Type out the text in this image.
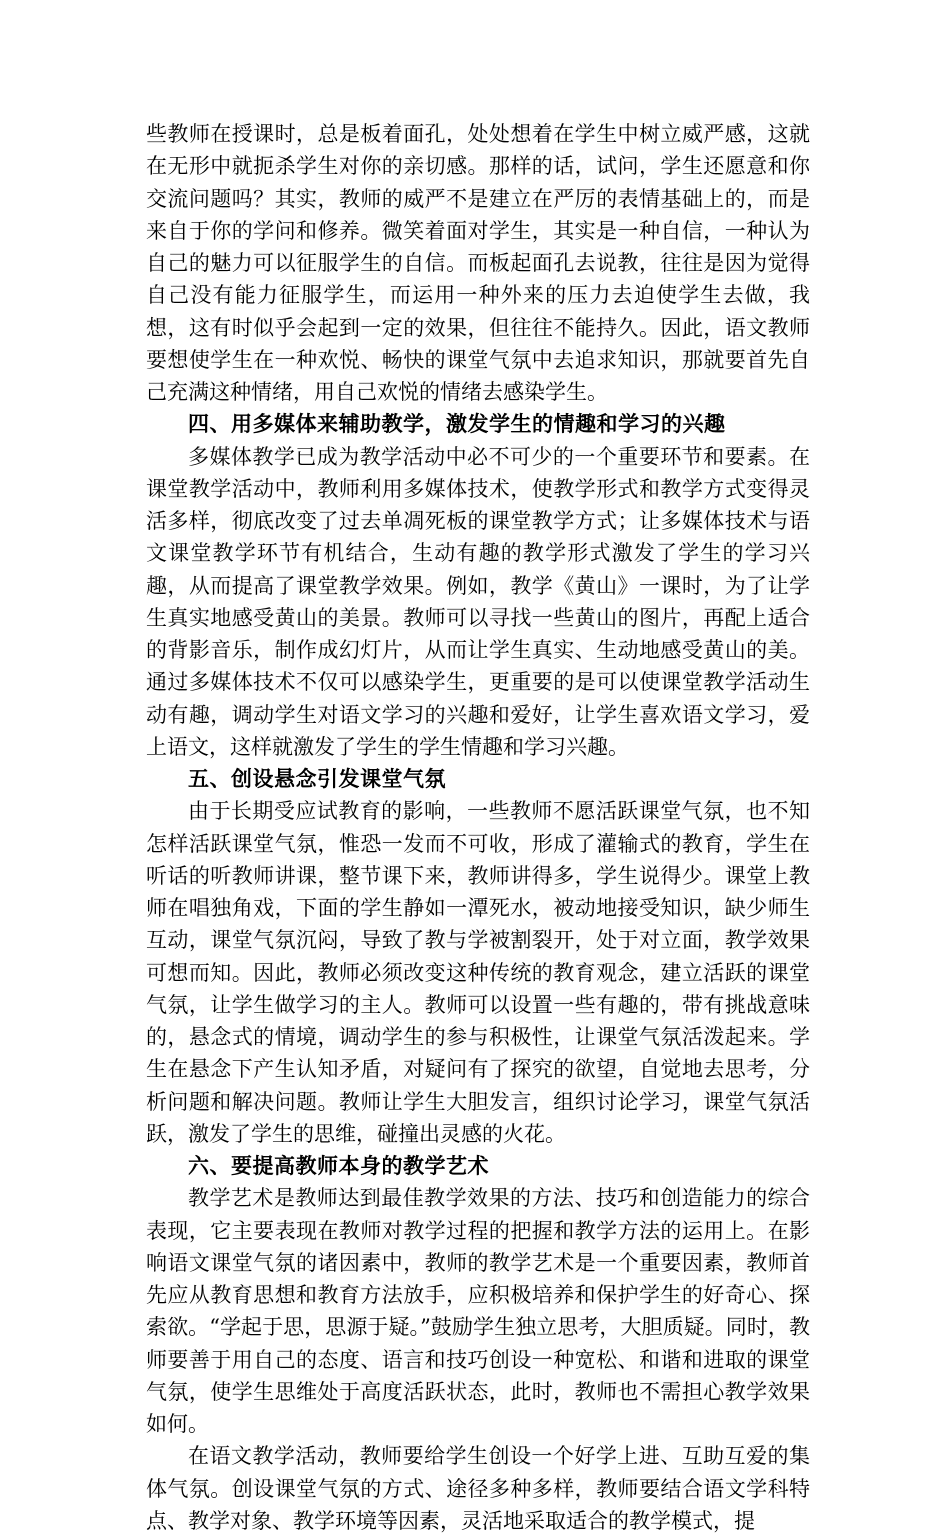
些教师在授课时，总是板着面孔，处处想着在学生中树立威严感，这就在无形中就扼杀学生对你的亲切感。那样的话，试问，学生还愿意和你交流问题吗？其实，教师的威严不是建立在严厉的表情基础上的，而是来自于你的学问和修养。微笑着面对学生，其实是一种自信，一种认为自己的魅力可以征服学生的自信。而板起面孔去说教，往往是因为觉得自己没有能力征服学生，而运用一种外来的压力去迫使学生去做，我想，这有时似乎会起到一定的效果，但往往不能持久。因此，语文教师要想使学生在一种欢悦、畅快的课堂气氛中去追求知识，那就要首先自己充满这种情绪，用自己欢悦的情绪去感染学生。

四、用多媒体来辅助教学，激发学生的情趣和学习的兴趣

多媒体教学已成为教学活动中必不可少的一个重要环节和要素。在课堂教学活动中，教师利用多媒体技术，使教学形式和教学方式变得灵活多样，彻底改变了过去单凋死板的课堂教学方式；让多媒体技术与语文课堂教学环节有机结合，生动有趣的教学形式激发了学生的学习兴趣，从而提高了课堂教学效果。例如，教学《黄山》一课时，为了让学生真实地感受黄山的美景。教师可以寻找一些黄山的图片，再配上适合的背影音乐，制作成幻灯片，从而让学生真实、生动地感受黄山的美。通过多媒体技术不仅可以感染学生，更重要的是可以使课堂教学活动生动有趣，调动学生对语文学习的兴趣和爱好，让学生喜欢语文学习，爱上语文，这样就激发了学生的学生情趣和学习兴趣。

五、创设悬念引发课堂气氛

由于长期受应试教育的影响，一些教师不愿活跃课堂气氛，也不知怎样活跃课堂气氛，惟恐一发而不可收，形成了灌输式的教育，学生在听话的听教师讲课，整节课下来，教师讲得多，学生说得少。课堂上教师在唱独角戏，下面的学生静如一潭死水，被动地接受知识，缺少师生互动，课堂气氛沉闷，导致了教与学被割裂开，处于对立面，教学效果可想而知。因此，教师必须改变这种传统的教育观念，建立活跃的课堂气氛，让学生做学习的主人。教师可以设置一些有趣的，带有挑战意味的，悬念式的情境，调动学生的参与积极性，让课堂气氛活泼起来。学生在悬念下产生认知矛盾，对疑问有了探究的欲望，自觉地去思考，分析问题和解决问题。教师让学生大胆发言，组织讨论学习，课堂气氛活跃，激发了学生的思维，碰撞出灵感的火花。

六、要提高教师本身的教学艺术

教学艺术是教师达到最佳教学效果的方法、技巧和创造能力的综合表现，它主要表现在教师对教学过程的把握和教学方法的运用上。在影响语文课堂气氛的诸因素中，教师的教学艺术是一个重要因素，教师首先应从教育思想和教育方法放手，应积极培养和保护学生的好奇心、探索欲。“学起于思，思源于疑。”鼓励学生独立思考，大胆质疑。同时，教师要善于用自己的态度、语言和技巧创设一种宽松、和谐和进取的课堂气氛，使学生思维处于高度活跃状态，此时，教师也不需担心教学效果如何。

在语文教学活动，教师要给学生创设一个好学上进、互助互爱的集体气氛。创设课堂气氛的方式、途径多种多样，教师要结合语文学科特点、教学对象、教学环境等因素，灵活地采取适合的教学模式，提
